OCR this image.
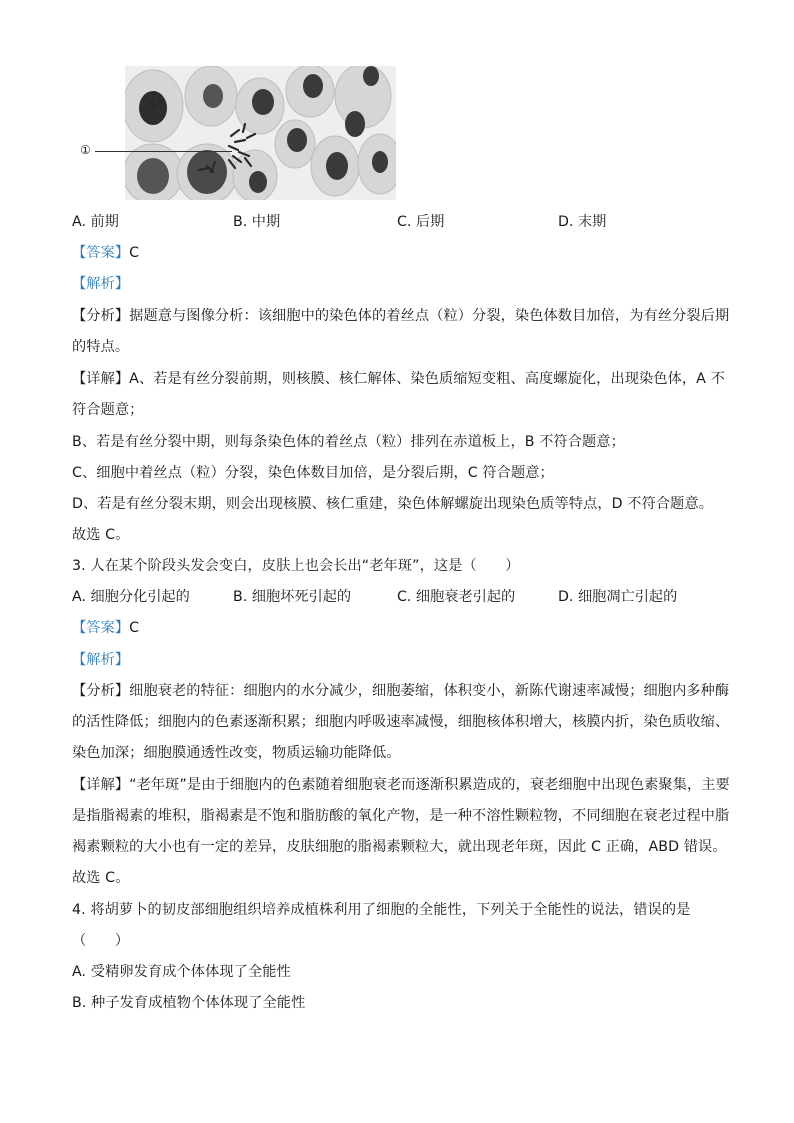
①
A. 前期	B. 中期	C. 后期	D. 末期
【答案】C
【解析】
【分析】据题意与图像分析：该细胞中的染色体的着丝点（粒）分裂，染色体数目加倍，为有丝分裂后期
的特点。
【详解】A、若是有丝分裂前期，则核膜、核仁解体、染色质缩短变粗、高度螺旋化，出现染色体，A 不
符合题意；
B、若是有丝分裂中期，则每条染色体的着丝点（粒）排列在赤道板上，B 不符合题意；
C、细胞中着丝点（粒）分裂，染色体数目加倍，是分裂后期，C 符合题意；
D、若是有丝分裂末期，则会出现核膜、核仁重建，染色体解螺旋出现染色质等特点，D 不符合题意。
故选 C。
3. 人在某个阶段头发会变白，皮肤上也会长出“老年斑”，这是（　　）
A. 细胞分化引起的	B. 细胞坏死引起的	C. 细胞衰老引起的	D. 细胞凋亡引起的
【答案】C
【解析】
【分析】细胞衰老的特征：细胞内的水分减少，细胞萎缩，体积变小，新陈代谢速率减慢；细胞内多种酶
的活性降低；细胞内的色素逐渐积累；细胞内呼吸速率减慢，细胞核体积增大，核膜内折，染色质收缩、
染色加深；细胞膜通透性改变，物质运输功能降低。
【详解】“老年斑”是由于细胞内的色素随着细胞衰老而逐渐积累造成的，衰老细胞中出现色素聚集，主要
是指脂褐素的堆积，脂褐素是不饱和脂肪酸的氧化产物，是一种不溶性颗粒物，不同细胞在衰老过程中脂
褐素颗粒的大小也有一定的差异，皮肤细胞的脂褐素颗粒大，就出现老年斑，因此 C 正确，ABD 错误。
故选 C。
4. 将胡萝卜的韧皮部细胞组织培养成植株利用了细胞的全能性，下列关于全能性的说法，错误的是
（　　）
A. 受精卵发育成个体体现了全能性
B. 种子发育成植物个体体现了全能性
